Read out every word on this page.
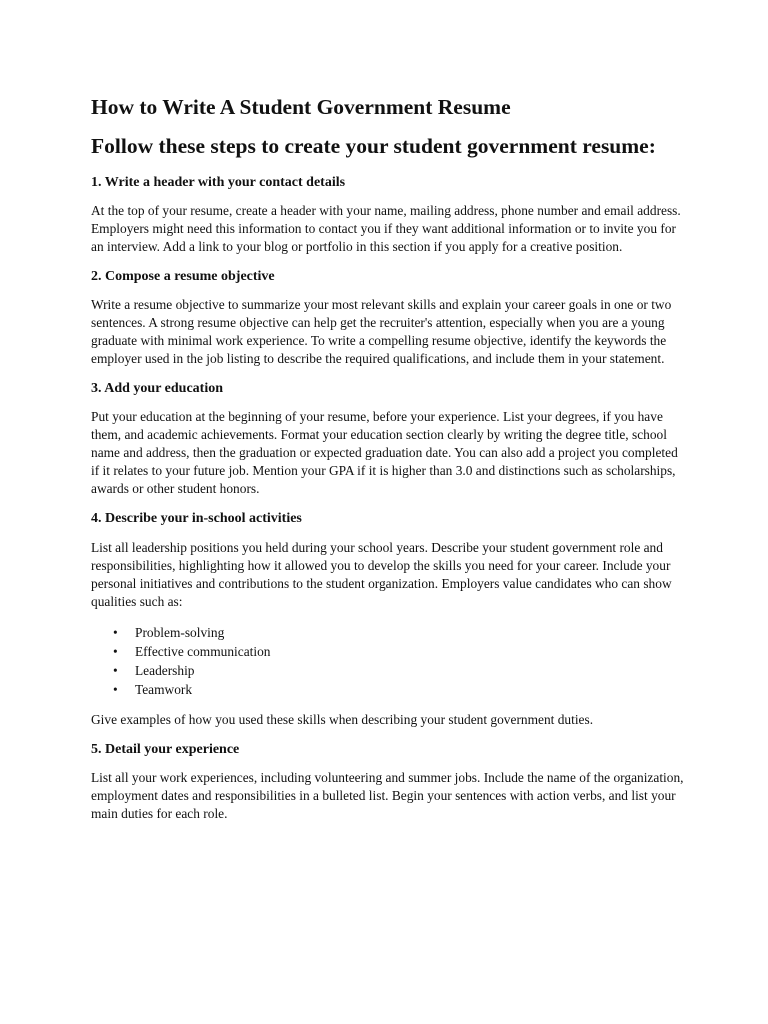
How to Write A Student Government Resume
Follow these steps to create your student government resume:
1. Write a header with your contact details

At the top of your resume, create a header with your name, mailing address, phone number and email address. Employers might need this information to contact you if they want additional information or to invite you for an interview. Add a link to your blog or portfolio in this section if you apply for a creative position.

2. Compose a resume objective

Write a resume objective to summarize your most relevant skills and explain your career goals in one or two sentences. A strong resume objective can help get the recruiter's attention, especially when you are a young graduate with minimal work experience. To write a compelling resume objective, identify the keywords the employer used in the job listing to describe the required qualifications, and include them in your statement.

3. Add your education

Put your education at the beginning of your resume, before your experience. List your degrees, if you have them, and academic achievements. Format your education section clearly by writing the degree title, school name and address, then the graduation or expected graduation date. You can also add a project you completed if it relates to your future job. Mention your GPA if it is higher than 3.0 and distinctions such as scholarships, awards or other student honors.

4. Describe your in-school activities

List all leadership positions you held during your school years. Describe your student government role and responsibilities, highlighting how it allowed you to develop the skills you need for your career. Include your personal initiatives and contributions to the student organization. Employers value candidates who can show qualities such as:

• Problem-solving
• Effective communication
• Leadership
• Teamwork

Give examples of how you used these skills when describing your student government duties.

5. Detail your experience

List all your work experiences, including volunteering and summer jobs. Include the name of the organization, employment dates and responsibilities in a bulleted list. Begin your sentences with action verbs, and list your main duties for each role.
